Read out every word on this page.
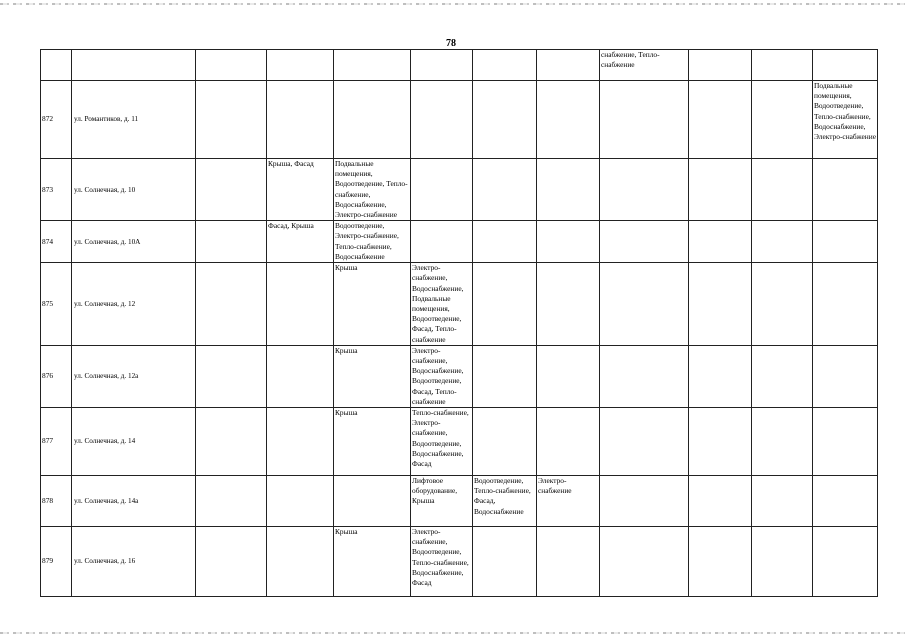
78
								снабжение, Тепло-снабжение			
872	ул. Романтиков, д. 11										Подвальные помещения, Водоотведение, Тепло-снабжение, Водоснабжение, Электро-снабжение
873	ул. Солнечная, д. 10		Крыша, Фасад	Подвальные помещения, Водоотведение, Тепло-снабжение, Водоснабжение, Электро-снабжение							
874	ул. Солнечная, д. 10А		Фасад, Крыша	Водоотведение, Электро-снабжение, Тепло-снабжение, Водоснабжение							
875	ул. Солнечная, д. 12			Крыша	Электро-снабжение, Водоснабжение, Подвальные помещения, Водоотведение, Фасад, Тепло-снабжение						
876	ул. Солнечная, д. 12а			Крыша	Электро-снабжение, Водоснабжение, Водоотведение, Фасад, Тепло-снабжение						
877	ул. Солнечная, д. 14			Крыша	Тепло-снабжение, Электро-снабжение, Водоотведение, Водоснабжение, Фасад						
878	ул. Солнечная, д. 14а				Лифтовое оборудование, Крыша	Водоотведение, Тепло-снабжение, Фасад, Водоснабжение	Электро-снабжение				
879	ул. Солнечная, д. 16			Крыша	Электро-снабжение, Водоотведение, Тепло-снабжение, Водоснабжение, Фасад						
